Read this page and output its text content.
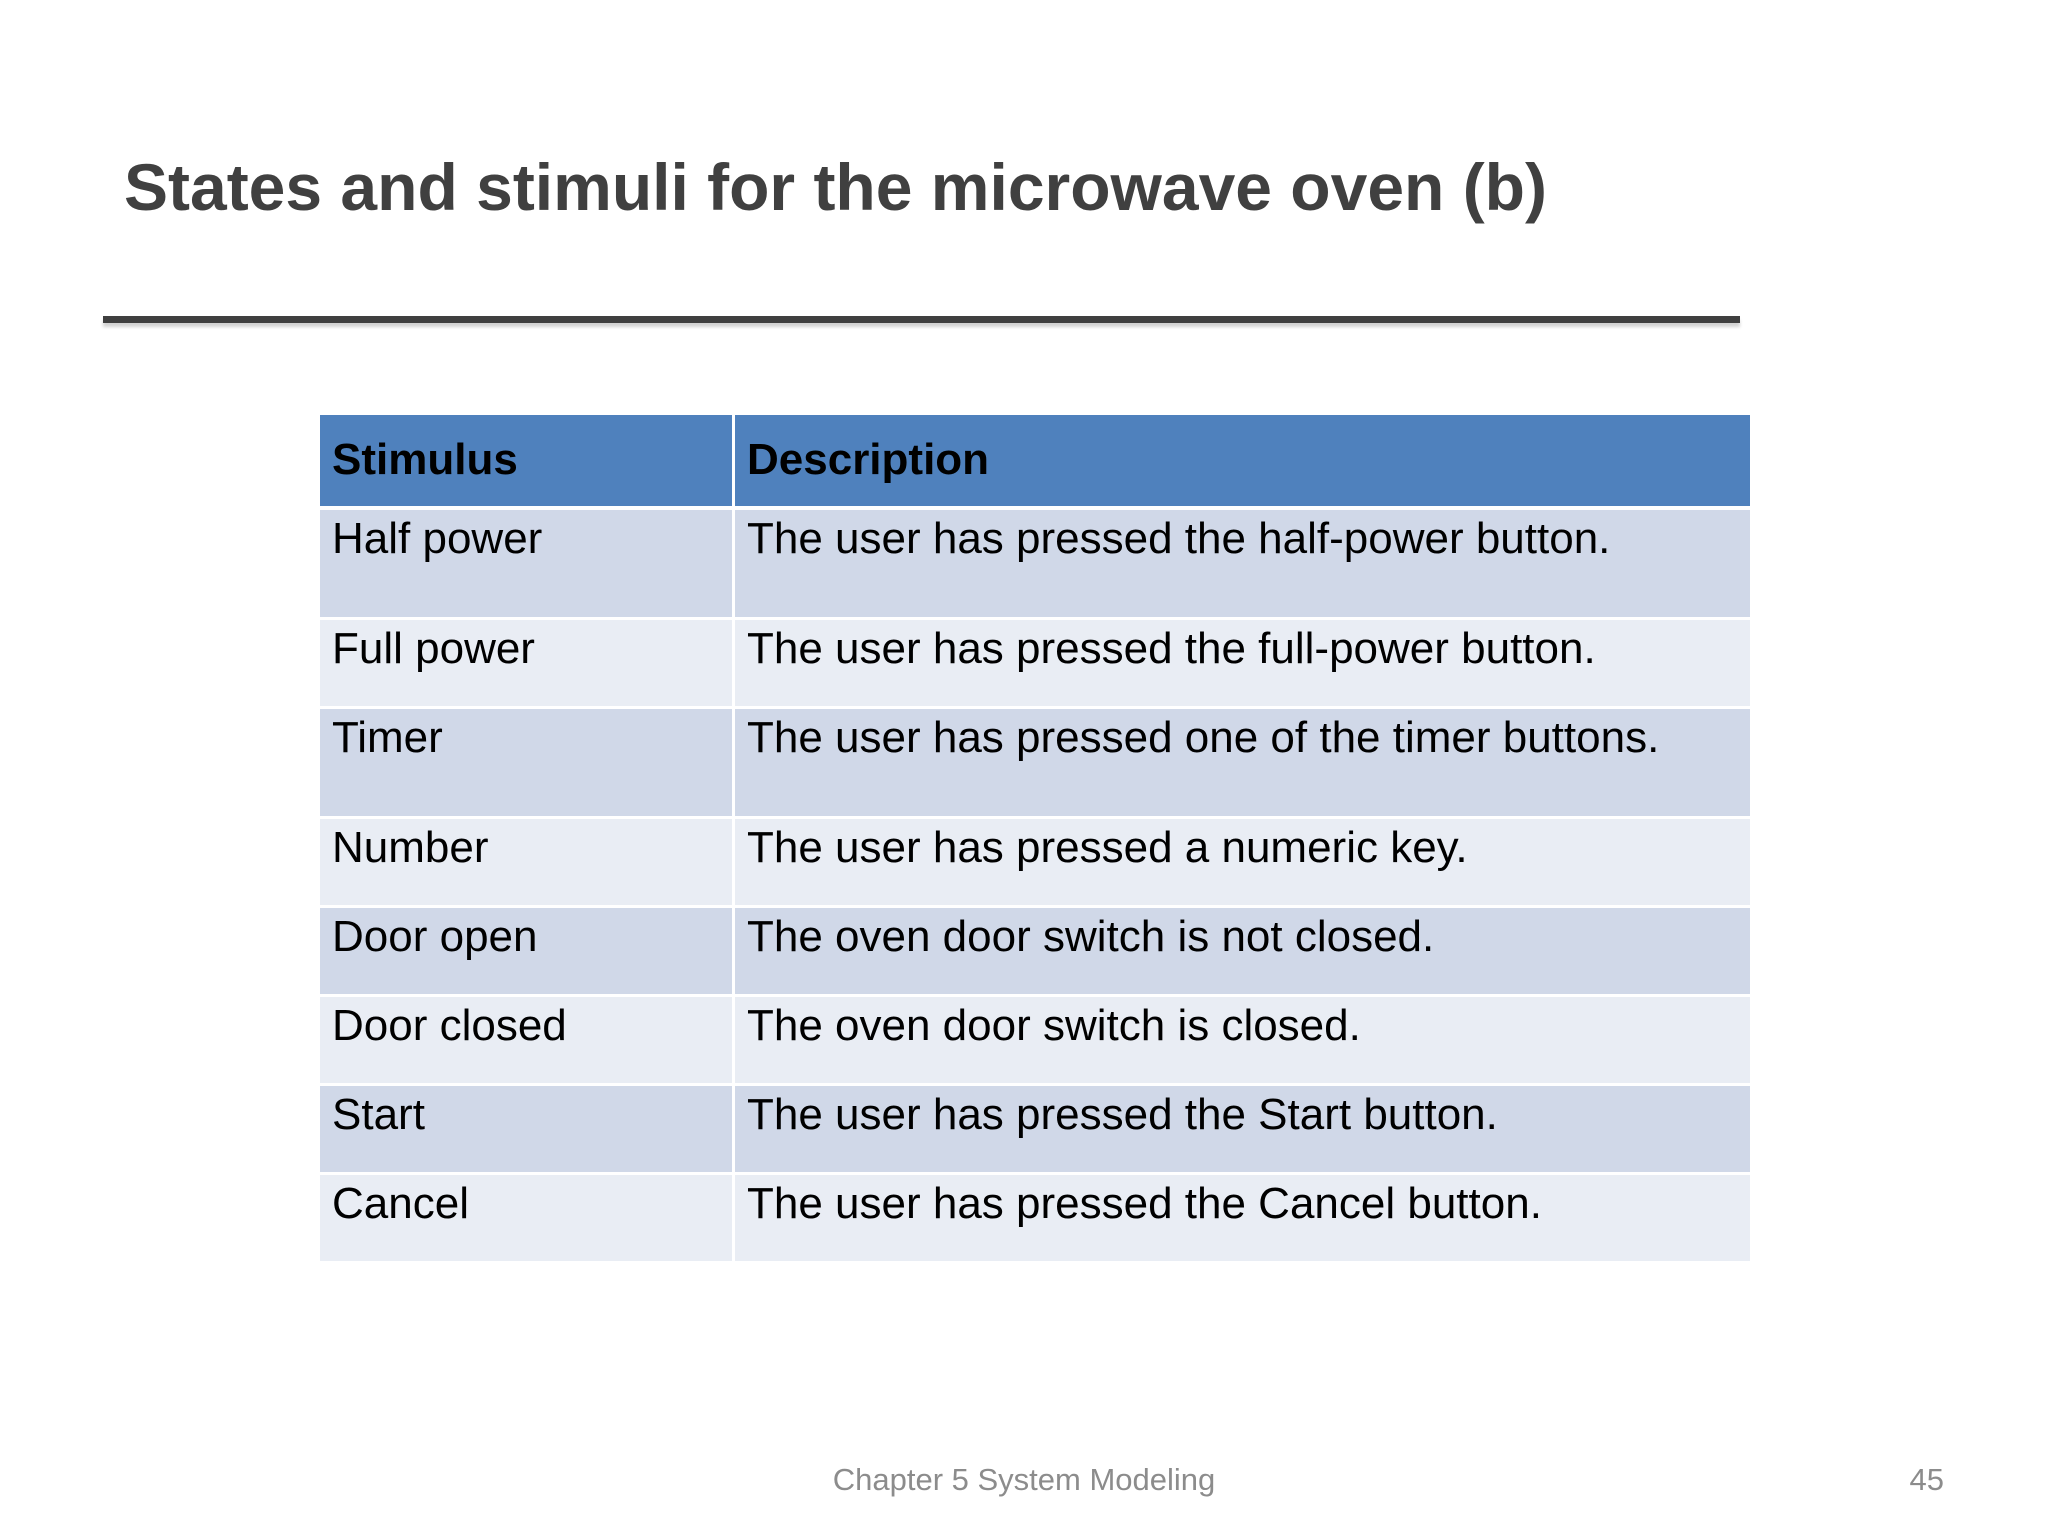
States and stimuli for the microwave oven (b)
Stimulus	Description
Half power	The user has pressed the half-power button.
Full power	The user has pressed the full-power button.
Timer	The user has pressed one of the timer buttons.
Number	The user has pressed a numeric key.
Door open	The oven door switch is not closed.
Door closed	The oven door switch is closed.
Start	The user has pressed the Start button.
Cancel	The user has pressed the Cancel button.
Chapter 5 System Modeling	45
